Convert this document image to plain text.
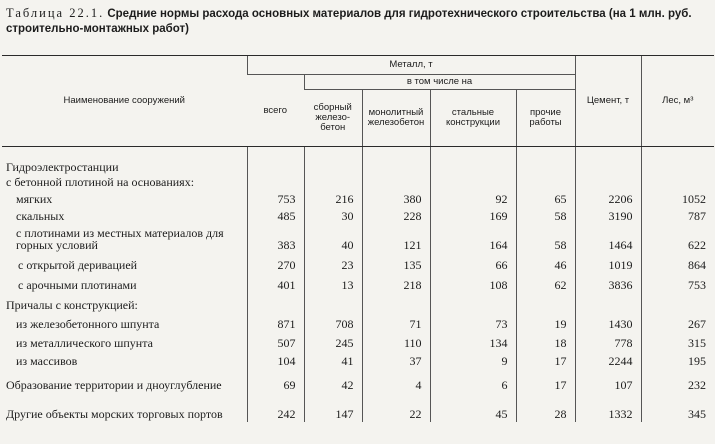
Таблица 22.1. Средние нормы расхода основных материалов для гидротехнического строительства (на 1 млн. руб. строительно-монтажных работ)
Наименование сооружений	Металл, т					Цемент, т	Лес, м³
	всего	в том числе на					
		сборный железо-бетон	монолитный железобетон	стальные конструкции	прочие работы		

Гидроэлектростанции							
с бетонной плотиной на основаниях:							
мягких	753	216	380	92	65	2206	1052
скальных	485	30	228	169	58	3190	787
с плотинами из местных материалов для горных условий	383	40	121	164	58	1464	622
с открытой деривацией	270	23	135	66	46	1019	864
с арочными плотинами	401	13	218	108	62	3836	753
Причалы с конструкцией:							
из железобетонного шпунта	871	708	71	73	19	1430	267
из металлического шпунта	507	245	110	134	18	778	315
из массивов	104	41	37	9	17	2244	195
Образование территории и дноуглубление	69	42	4	6	17	107	232
Другие объекты морских торговых портов	242	147	22	45	28	1332	345
